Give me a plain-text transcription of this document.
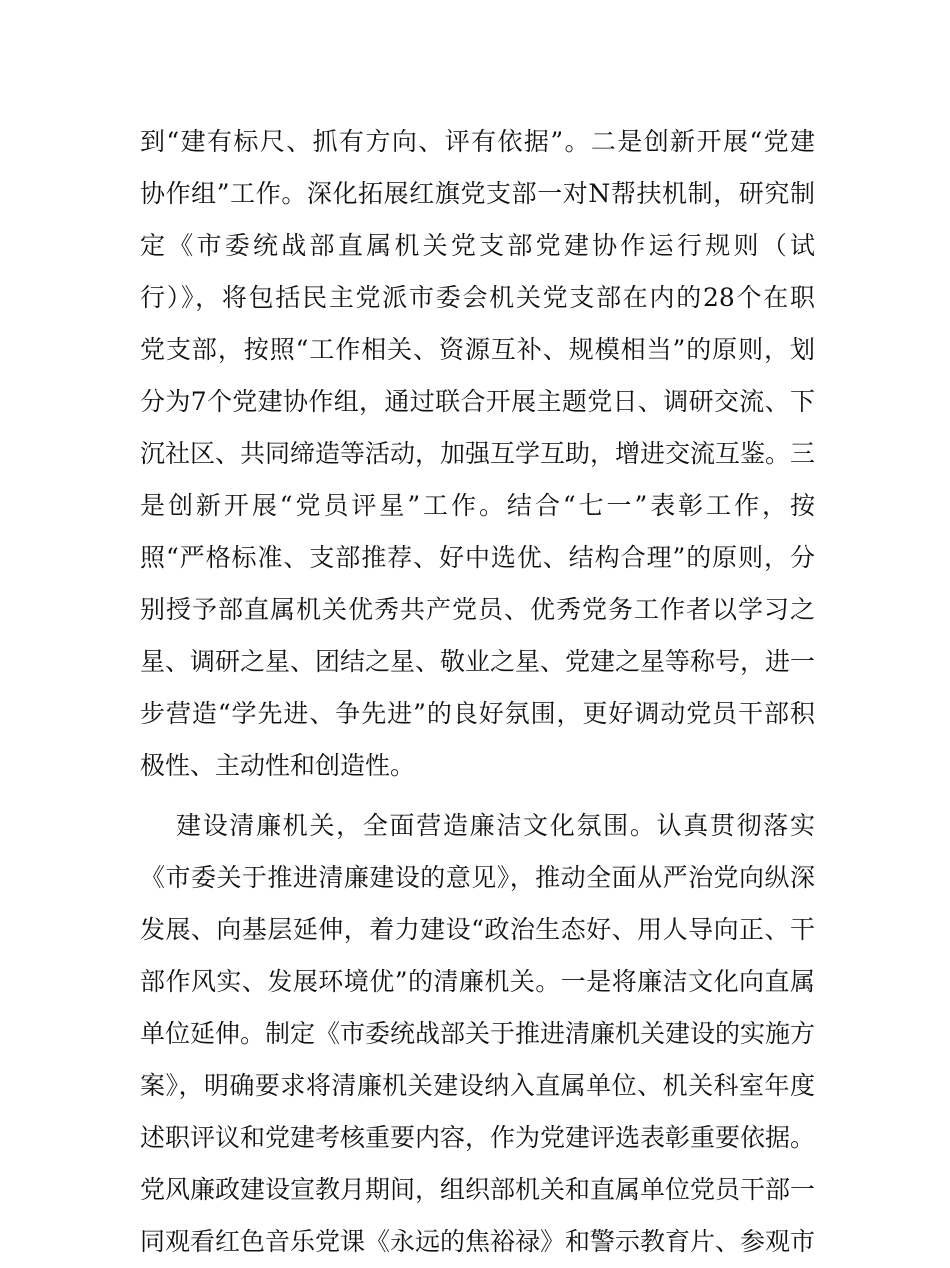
到“建有标尺、抓有方向、评有依据”。二是创新开展“党建
协作组”工作。深化拓展红旗党支部一对N帮扶机制，研究制
定《市委统战部直属机关党支部党建协作运行规则（试
行）》，将包括民主党派市委会机关党支部在内的28个在职
党支部，按照“工作相关、资源互补、规模相当”的原则，划
分为7个党建协作组，通过联合开展主题党日、调研交流、下
沉社区、共同缔造等活动，加强互学互助，增进交流互鉴。三
是创新开展“党员评星”工作。结合“七一”表彰工作，按
照“严格标准、支部推荐、好中选优、结构合理”的原则，分
别授予部直属机关优秀共产党员、优秀党务工作者以学习之
星、调研之星、团结之星、敬业之星、党建之星等称号，进一
步营造“学先进、争先进”的良好氛围，更好调动党员干部积
极性、主动性和创造性。
建设清廉机关，全面营造廉洁文化氛围。认真贯彻落实
《市委关于推进清廉建设的意见》，推动全面从严治党向纵深
发展、向基层延伸，着力建设“政治生态好、用人导向正、干
部作风实、发展环境优”的清廉机关。一是将廉洁文化向直属
单位延伸。制定《市委统战部关于推进清廉机关建设的实施方
案》，明确要求将清廉机关建设纳入直属单位、机关科室年度
述职评议和党建考核重要内容，作为党建评选表彰重要依据。
党风廉政建设宣教月期间，组织部机关和直属单位党员干部一
同观看红色音乐党课《永远的焦裕禄》和警示教育片、参观市
